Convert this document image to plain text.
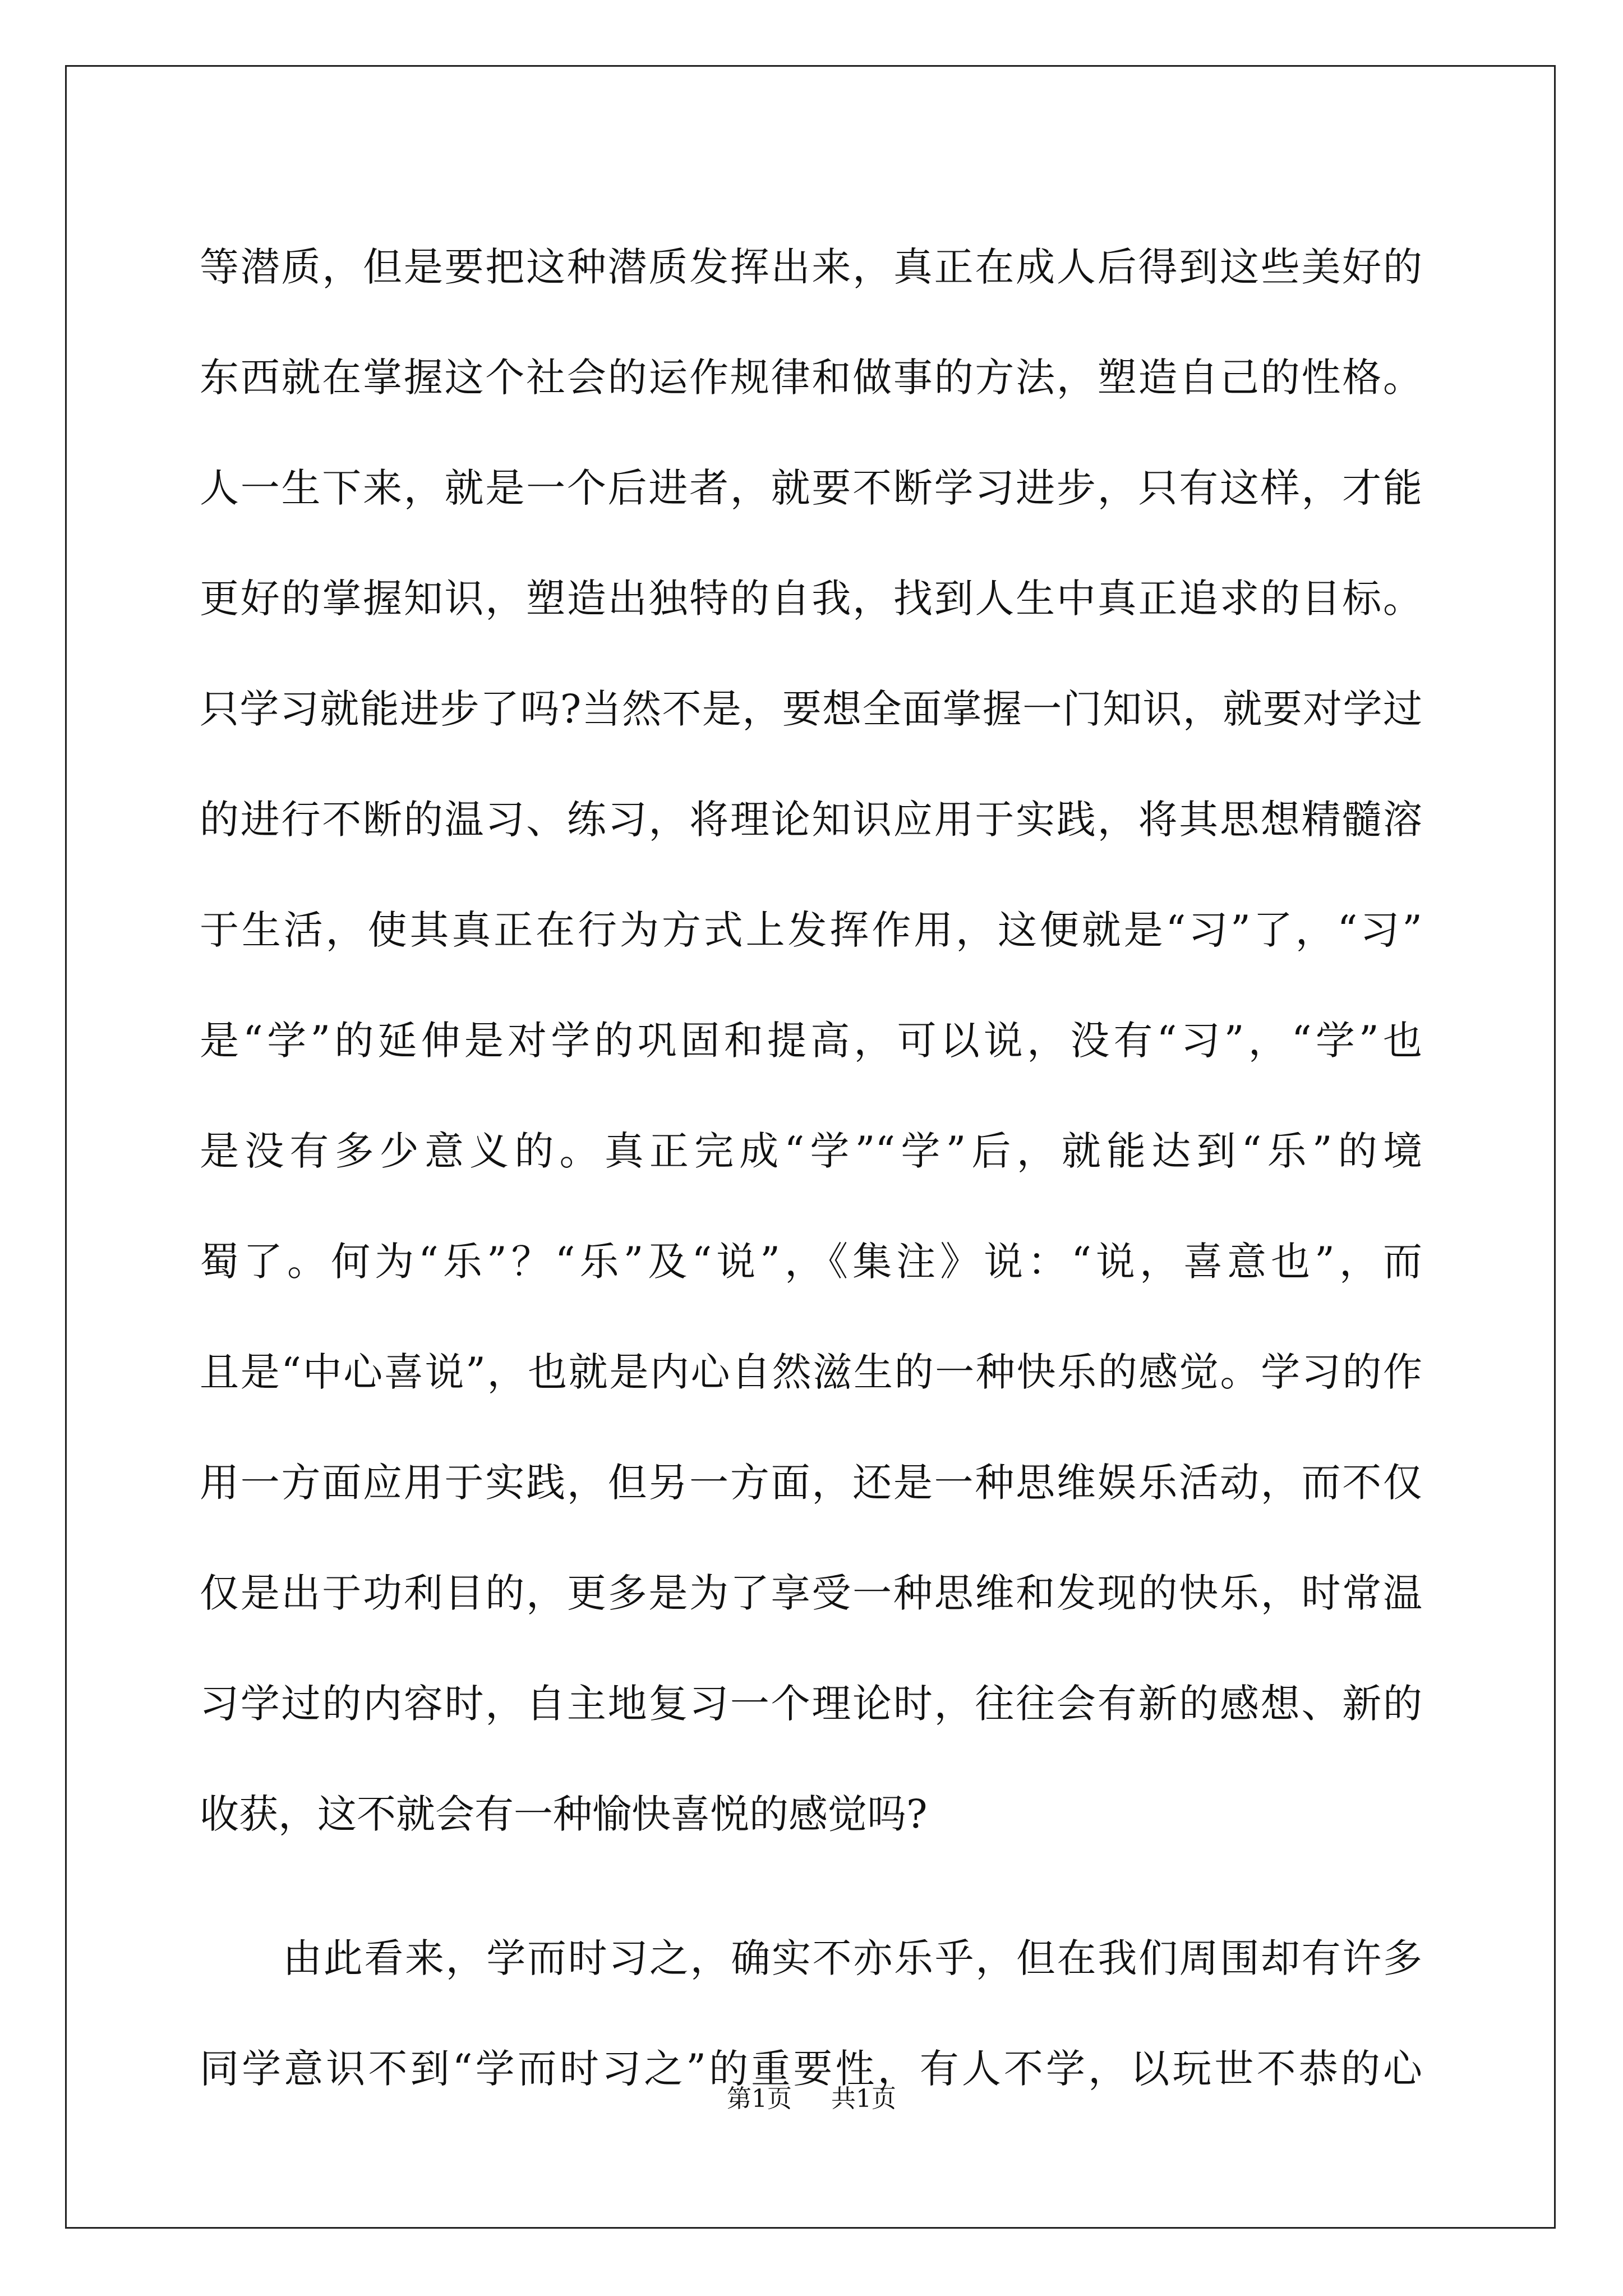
等潜质，但是要把这种潜质发挥出来，真正在成人后得到这些美好的
东西就在掌握这个社会的运作规律和做事的方法，塑造自己的性格。
人一生下来，就是一个后进者，就要不断学习进步，只有这样，才能
更好的掌握知识，塑造出独特的自我，找到人生中真正追求的目标。
只学习就能进步了吗?当然不是，要想全面掌握一门知识，就要对学过
的进行不断的温习、练习，将理论知识应用于实践，将其思想精髓溶
于生活，使其真正在行为方式上发挥作用，这便就是“习”了，“习”
是“学”的延伸是对学的巩固和提高，可以说，没有“习”，“学”也
是没有多少意义的。真正完成“学”“学”后，就能达到“乐”的境
蜀了。何为“乐”？“乐”及“说”，《集注》说：“说，喜意也”，而
且是“中心喜说”，也就是内心自然滋生的一种快乐的感觉。学习的作
用一方面应用于实践，但另一方面，还是一种思维娱乐活动，而不仅
仅是出于功利目的，更多是为了享受一种思维和发现的快乐，时常温
习学过的内容时，自主地复习一个理论时，往往会有新的感想、新的
收获，这不就会有一种愉快喜悦的感觉吗?
由此看来，学而时习之，确实不亦乐乎，但在我们周围却有许多
同学意识不到“学而时习之”的重要性，有人不学，以玩世不恭的心
第1页 共1页
